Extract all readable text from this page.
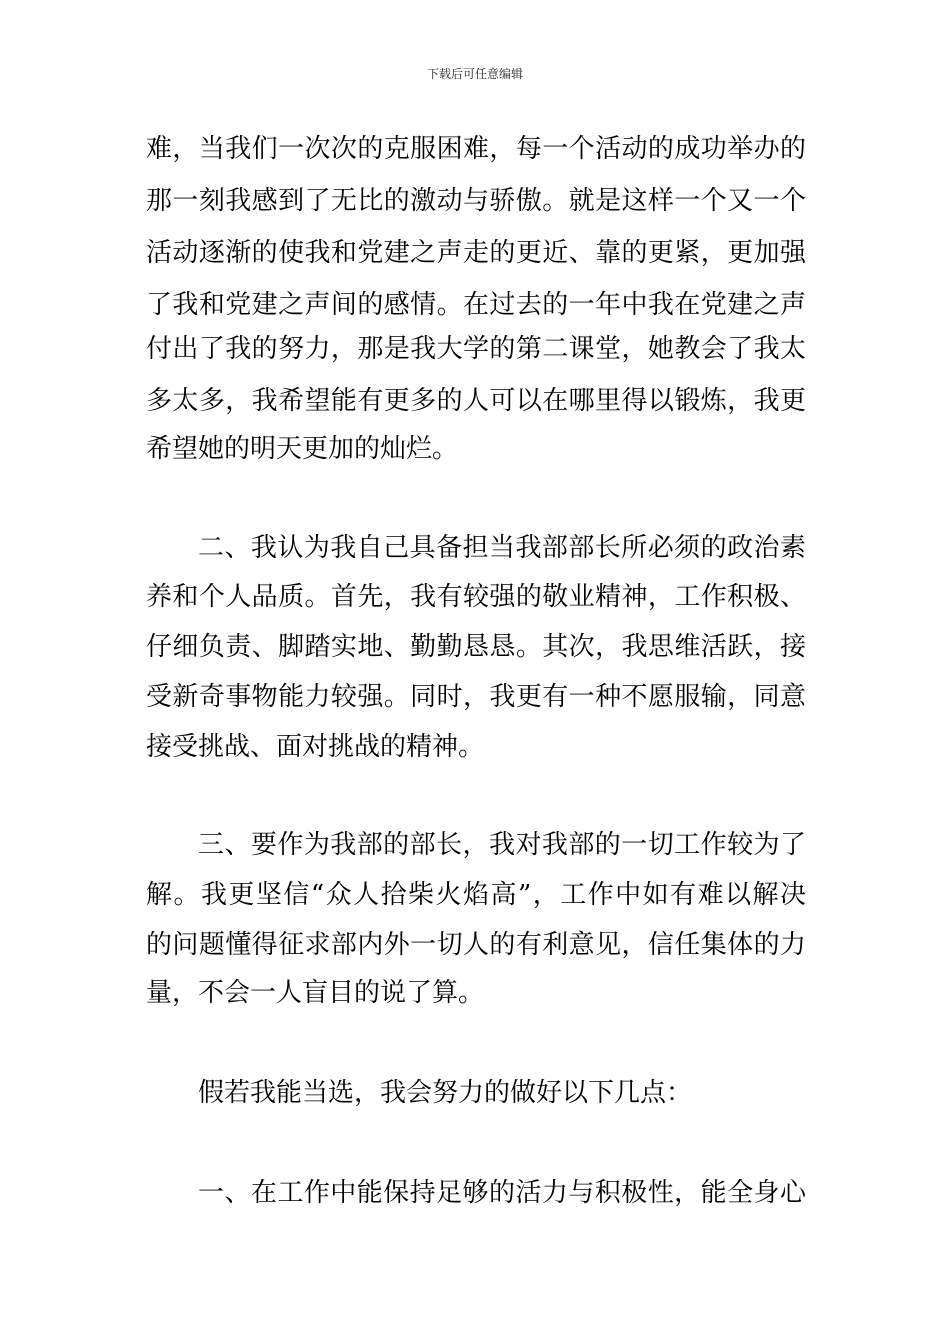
下载后可任意编辑
难，当我们一次次的克服困难，每一个活动的成功举办的
那一刻我感到了无比的激动与骄傲。就是这样一个又一个
活动逐渐的使我和党建之声走的更近、靠的更紧，更加强
了我和党建之声间的感情。在过去的一年中我在党建之声
付出了我的努力，那是我大学的第二课堂，她教会了我太
多太多，我希望能有更多的人可以在哪里得以锻炼，我更
希望她的明天更加的灿烂。
二、我认为我自己具备担当我部部长所必须的政治素
养和个人品质。首先，我有较强的敬业精神，工作积极、
仔细负责、脚踏实地、勤勤恳恳。其次，我思维活跃，接
受新奇事物能力较强。同时，我更有一种不愿服输，同意
接受挑战、面对挑战的精神。
三、要作为我部的部长，我对我部的一切工作较为了
解。我更坚信“众人拾柴火焰高”，工作中如有难以解决
的问题懂得征求部内外一切人的有利意见，信任集体的力
量，不会一人盲目的说了算。
假若我能当选，我会努力的做好以下几点：
一、在工作中能保持足够的活力与积极性，能全身心
